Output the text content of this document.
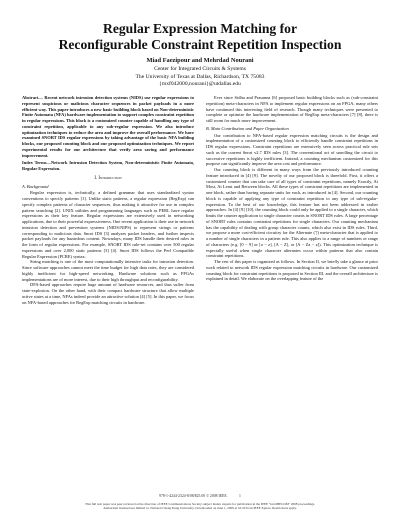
Regular Expression Matching for
Reconfigurable Constraint Repetition Inspection
Miad Faezipour and Mehrdad Nourani
Center for Integrated Circuits & Systems
The University of Texas at Dallas, Richardson, TX 75083
{mxf042000,nourani}@utdallas.edu

Abstract— Recent network intrusion detection systems (NIDS) use regular expressions to represent suspicious or malicious character sequences in packet payloads in a more efficient way. This paper introduces a new basic building block based on Non-deterministic Finite Automata (NFA) hardware implementation to support complex constraint repetition in regular expressions. This block is a customized counter capable of handling any type of constraint repetition, applicable to any sub-regular expression. We also introduce optimization techniques to reduce the area and improve the overall performance. We have examined SNORT IDS regular expressions by taking advantage of the basic NFA building blocks, our proposed counting block and our proposed optimization techniques. We report experimental results for our architecture that verify area saving and performance improvement.

Index Terms—Network Intrusion Detection System, Non-deterministic Finite Automata, Regular Expression.

I. Introduction
A. Background

Regular expression is, technically, a defined grammar that uses standardized syntax conventions to specify patterns [1]. Unlike static patterns, a regular expression (RegExp) can specify complex patterns of character sequences, thus making it attractive for use in complex pattern searching [2]. UNIX utilities and programming languages such as PERL have regular expressions as their key feature. Regular expressions are extensively used in networking applications, due to their powerful expressiveness. One recent application is their use in network intrusion detection and prevention systems (NIDS/NIPS) to represent strings or patterns corresponding to malicious data. Snort IDS [3] analyzes packet headers, and further inspects packet payloads for any hazardous content. Nowadays, many IDS handle their desired rules in the form of regular expressions. For example, SNORT IDS rule-set contains over 500 regular expressions and over 2,000 static patterns [3] [4]. Snort IDS follows the Perl Compatible Regular Expression (PCRE) syntax.

String matching is one of the most computationally intensive tasks for intrusion detection. Since software approaches cannot meet the time budget for high data rates, they are considered highly inefficient for high-speed networking. Hardware solutions such as FPGAs implementations are of more interest, due to their high throughput and reconfigurability.

DFA-based approaches require huge amount of hardware resources, and thus suffer from state-explosion. On the other hand, with their compact hardware structure that allow multiple active states at a time, NFAs indeed provide an attractive solution [4] [5]. In this paper, we focus on NFA-based approaches for RegExp matching circuits in hardware.

Ever since Sidhu and Prasanna [6] proposed basic building blocks such as (sub-constraint repetition) meta-characters in NFA to implement regular expressions on an FPGA, many others have continued this interesting field of research. Though many techniques were presented to complete or optimize the hardware implementation of RegExp meta-characters [7] [8], there is still room for much more improvement.

B. Main Contribution and Paper Organization

Our contribution to NFA-based regular expression matching circuits is the design and implementation of a customized counting block to efficiently handle constraint repetitions in IDS regular expressions. Constraint repetitions are extensively seen across practical rule sets such as the current Snort v2.7 IDS rules [3]. The conventional act of unrolling the circuit to successive repetitions is highly inefficient. Instead, a counting mechanism customized for this purpose can significantly improve the area cost and performance.

Our counting block is different in many ways from the previously introduced counting feature introduced in [4] [9]. The novelty of our proposed block is threefold. First, it offers a customized counter that can take care of all types of constraint repetitions, namely Exactly, At Most, At Least and Between blocks. All these types of constraint repetitions are implemented in one block, rather than having separate units for each, as introduced in [4]. Second, our counting block is capable of applying any type of constraint repetition to any type of sub-regular-expression. To the best of our knowledge, this feature has not been addressed in earlier approaches. In [4] [9] [10], the counting block could only be applied to a single character, which limits the counter application to single character counts in SNORT IDS rules. A large percentage of SNORT rules contains constraint repetitions for single characters. Our counting mechanism has the capability of dealing with group character counts, which also exist in IDS rules. Third, we propose a more cost-efficient circuitry for the Alternate ('|') meta-character that is applied to a number of single characters in a pattern rule. This also applies to a range of numbers or range of characters (e.g. [0 − 9] or [a − z], [A − Z], or [A − Za − z]). This optimization technique is especially useful when single character alternates occur within patterns that also contain constraint repetitions.

The rest of this paper is organized as follows. In Section II, we briefly take a glance at prior work related to network IDS regular expression matching circuits in hardware. Our customized counting block for constraint repetitions is proposed in Section III, and the overall architecture is explained in detail. We elaborate on the overlapping feature of the

978-1-4244-2324-8/08/$25.00 © 2008 IEEE.	1
This full text paper was peer reviewed at the direction of IEEE Communications Society subject matter experts for publication in the IEEE "GLOBECOM" 2008 proceedings.
Authorized licensed use limited to: National Cheng Kung University. Downloaded on June 1, 2009 at 10:20 from IEEE Xplore. Restrictions apply.
